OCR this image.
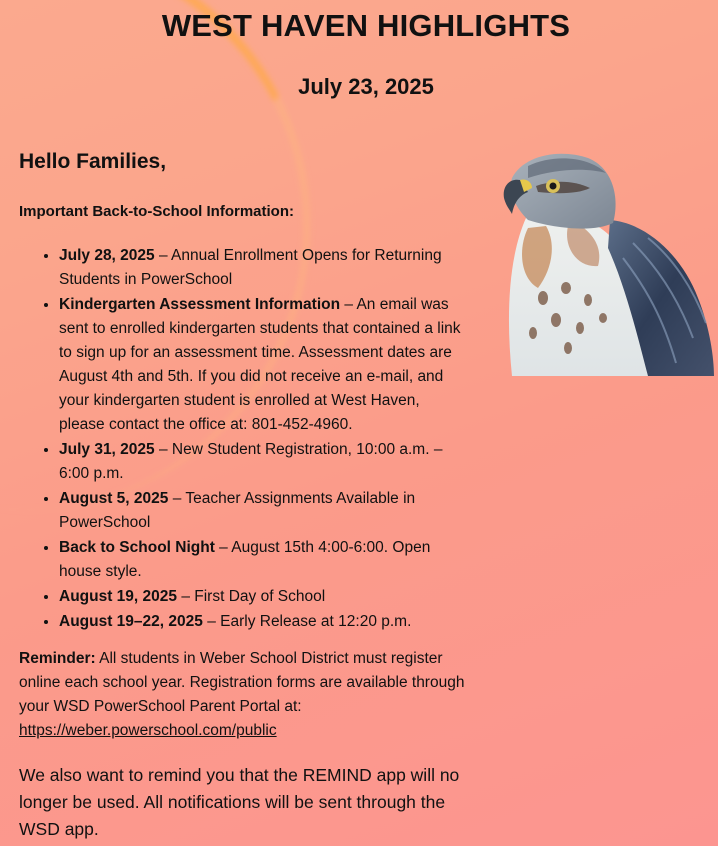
WEST HAVEN HIGHLIGHTS
July 23, 2025
Hello Families,

Important Back-to-School Information:

• July 28, 2025 – Annual Enrollment Opens for Returning Students in PowerSchool
• Kindergarten Assessment Information – An email was sent to enrolled kindergarten students that contained a link to sign up for an assessment time. Assessment dates are August 4th and 5th. If you did not receive an e-mail, and your kindergarten student is enrolled at West Haven, please contact the office at: 801-452-4960.
• July 31, 2025 – New Student Registration, 10:00 a.m. – 6:00 p.m.
• August 5, 2025 – Teacher Assignments Available in PowerSchool
• Back to School Night – August 15th 4:00-6:00. Open house style.
• August 19, 2025 – First Day of School
• August 19–22, 2025 – Early Release at 12:20 p.m.

Reminder: All students in Weber School District must register online each school year. Registration forms are available through your WSD PowerSchool Parent Portal at: https://weber.powerschool.com/public

We also want to remind you that the REMIND app will no longer be used. All notifications will be sent through the WSD app.
